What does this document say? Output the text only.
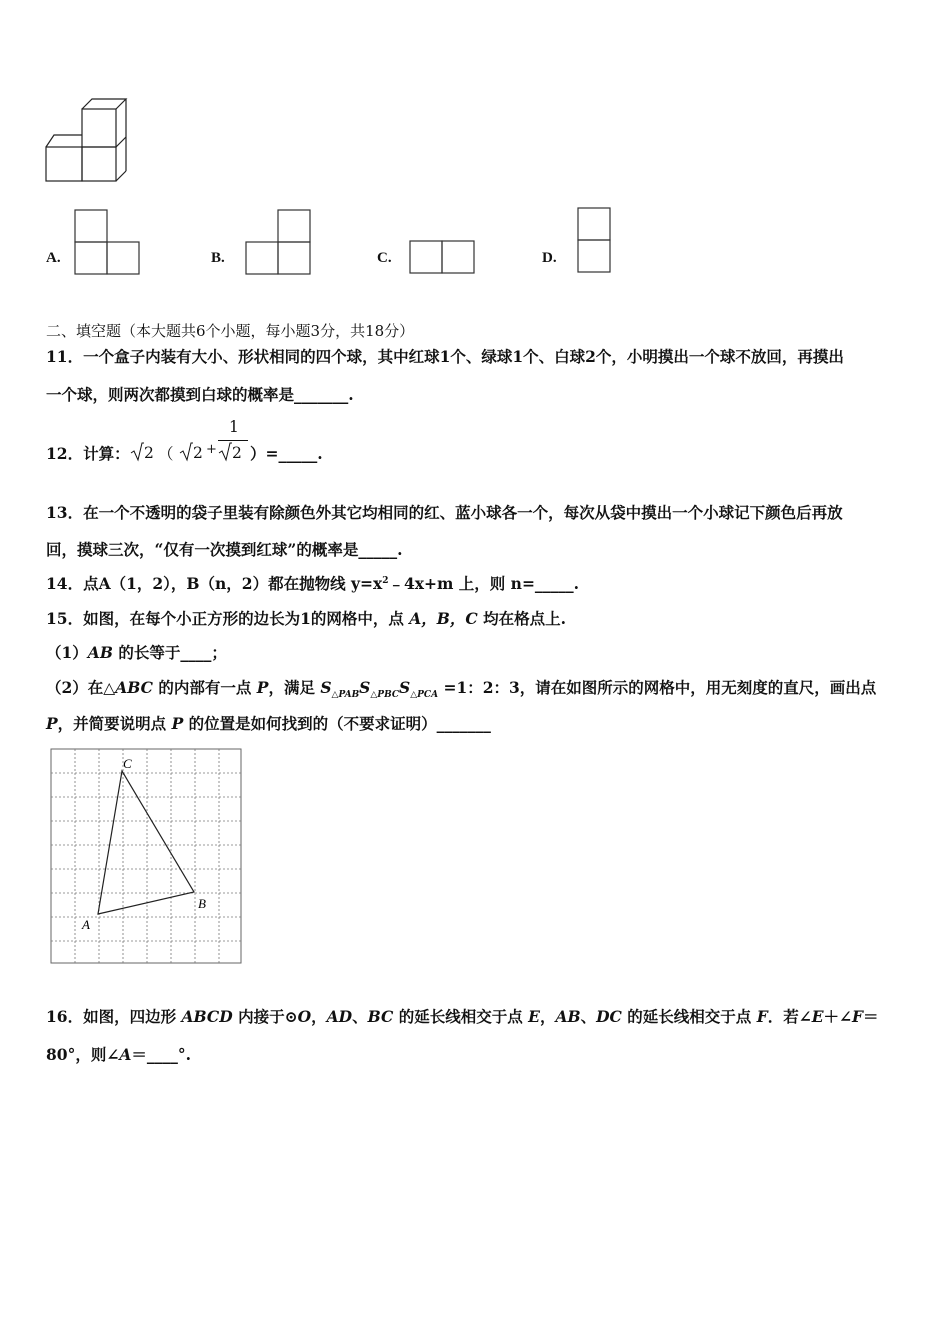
A.	B.	C.	D.
二、填空题（本大题共6个小题，每小题3分，共18分）
11．一个盒子内装有大小、形状相同的四个球，其中红球1个、绿球1个、白球2个，小明摸出一个球不放回，再摸出
一个球，则两次都摸到白球的概率是_______.
12．计算： 2 （ 2 +
1
2 ）=_____.
13．在一个不透明的袋子里装有除颜色外其它均相同的红、蓝小球各一个，每次从袋中摸出一个小球记下颜色后再放
回，摸球三次，“仅有一次摸到红球”的概率是_____.
14．点A（1，2），B（n，2）都在抛物线 $y=x^2﹣4x+m$ 上，则 n=_____.
15．如图，在每个小正方形的边长为1的网格中，点 A，B，C 均在格点上.
（1）AB 的长等于____；
（2）在△ABC 的内部有一点 P，满足 $S_{\triangle PAB}S_{\triangle PBC}S_{\triangle PCA} =1$：2：3，请在如图所示的网格中，用无刻度的直尺，画出点
P，并简要说明点 P 的位置是如何找到的（不要求证明）_______
C
B
A
16．如图，四边形 ABCD 内接于⊙O，AD、BC 的延长线相交于点 E，AB、DC 的延长线相交于点 F．若∠E＋∠F＝
80°，则∠A＝____°.
